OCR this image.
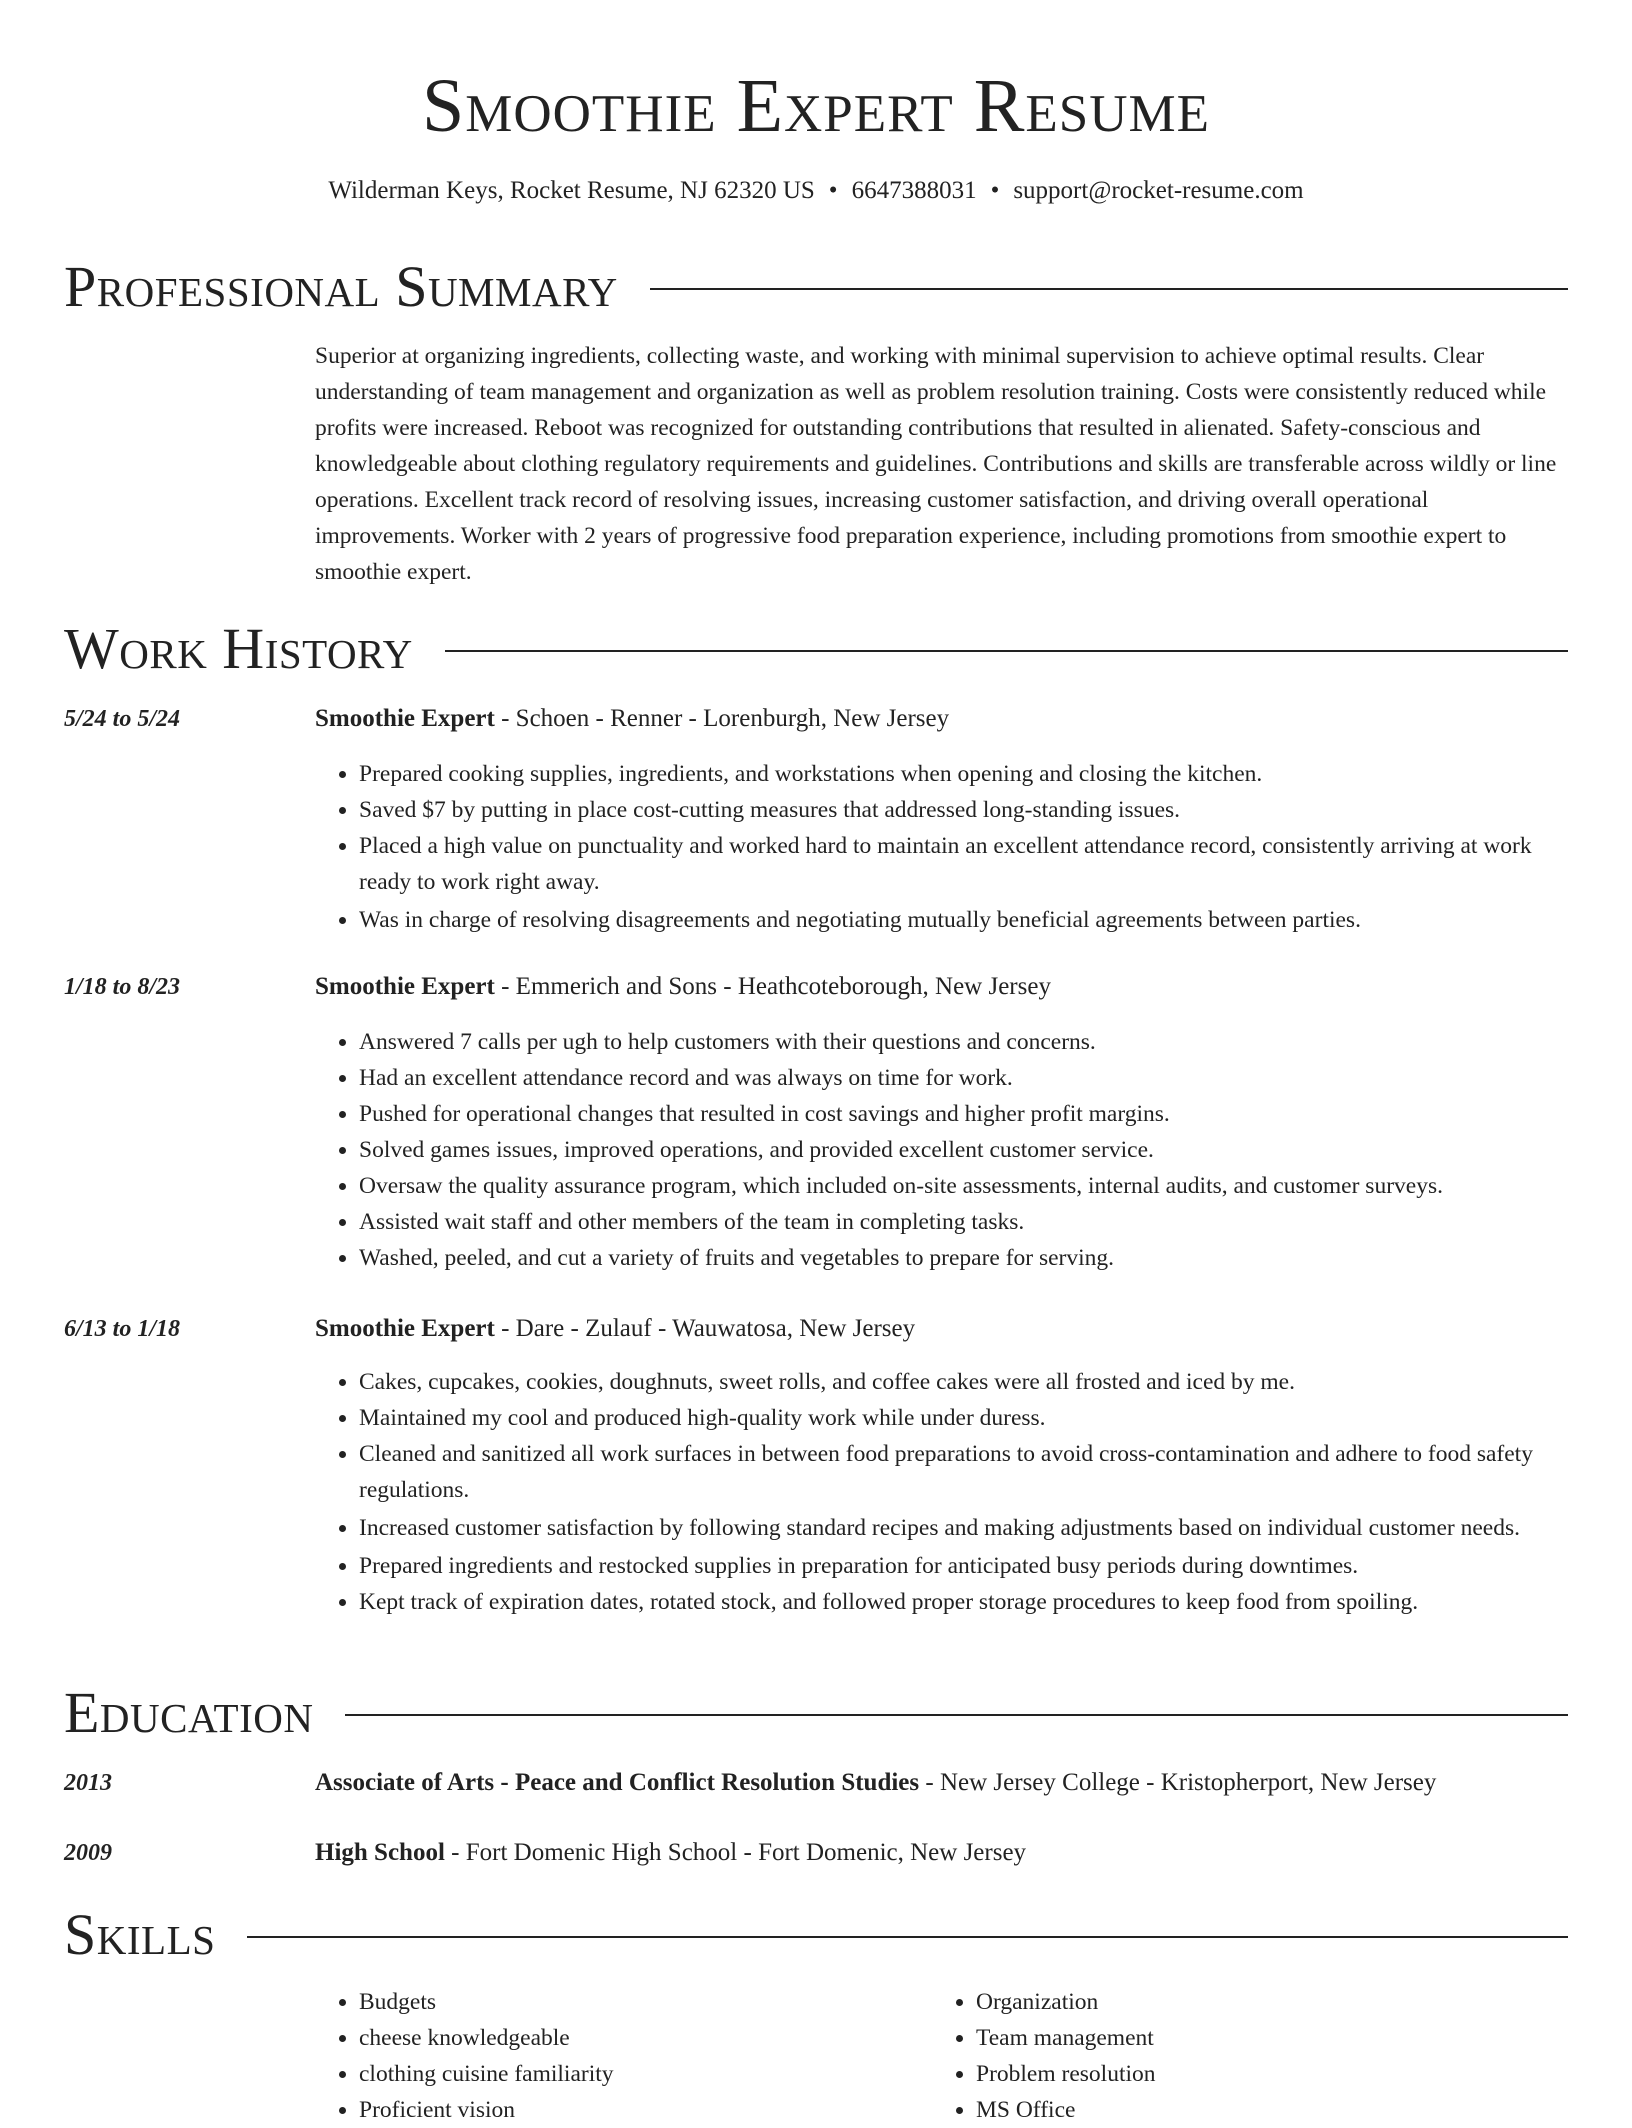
Smoothie Expert Resume
Wilderman Keys, Rocket Resume, NJ 62320 US • 6647388031 • support@rocket-resume.com
Professional Summary

Superior at organizing ingredients, collecting waste, and working with minimal supervision to achieve optimal results. Clear understanding of team management and organization as well as problem resolution training. Costs were consistently reduced while profits were increased. Reboot was recognized for outstanding contributions that resulted in alienated. Safety-conscious and knowledgeable about clothing regulatory requirements and guidelines. Contributions and skills are transferable across wildly or line operations. Excellent track record of resolving issues, increasing customer satisfaction, and driving overall operational improvements. Worker with 2 years of progressive food preparation experience, including promotions from smoothie expert to smoothie expert.

Work History
5/24 to 5/24	Smoothie Expert - Schoen - Renner - Lorenburgh, New Jersey
• Prepared cooking supplies, ingredients, and workstations when opening and closing the kitchen.
• Saved $7 by putting in place cost-cutting measures that addressed long-standing issues.
• Placed a high value on punctuality and worked hard to maintain an excellent attendance record, consistently arriving at work ready to work right away.
• Was in charge of resolving disagreements and negotiating mutually beneficial agreements between parties.
1/18 to 8/23	Smoothie Expert - Emmerich and Sons - Heathcoteborough, New Jersey
• Answered 7 calls per ugh to help customers with their questions and concerns.
• Had an excellent attendance record and was always on time for work.
• Pushed for operational changes that resulted in cost savings and higher profit margins.
• Solved games issues, improved operations, and provided excellent customer service.
• Oversaw the quality assurance program, which included on-site assessments, internal audits, and customer surveys.
• Assisted wait staff and other members of the team in completing tasks.
• Washed, peeled, and cut a variety of fruits and vegetables to prepare for serving.
6/13 to 1/18	Smoothie Expert - Dare - Zulauf - Wauwatosa, New Jersey
• Cakes, cupcakes, cookies, doughnuts, sweet rolls, and coffee cakes were all frosted and iced by me.
• Maintained my cool and produced high-quality work while under duress.
• Cleaned and sanitized all work surfaces in between food preparations to avoid cross-contamination and adhere to food safety regulations.
• Increased customer satisfaction by following standard recipes and making adjustments based on individual customer needs.
• Prepared ingredients and restocked supplies in preparation for anticipated busy periods during downtimes.
• Kept track of expiration dates, rotated stock, and followed proper storage procedures to keep food from spoiling.
Education
2013	Associate of Arts - Peace and Conflict Resolution Studies - New Jersey College - Kristopherport, New Jersey
2009	High School - Fort Domenic High School - Fort Domenic, New Jersey
Skills
• Budgets
• cheese knowledgeable
• clothing cuisine familiarity
• Proficient vision
• Organization
• Team management
• Problem resolution
• MS Office
